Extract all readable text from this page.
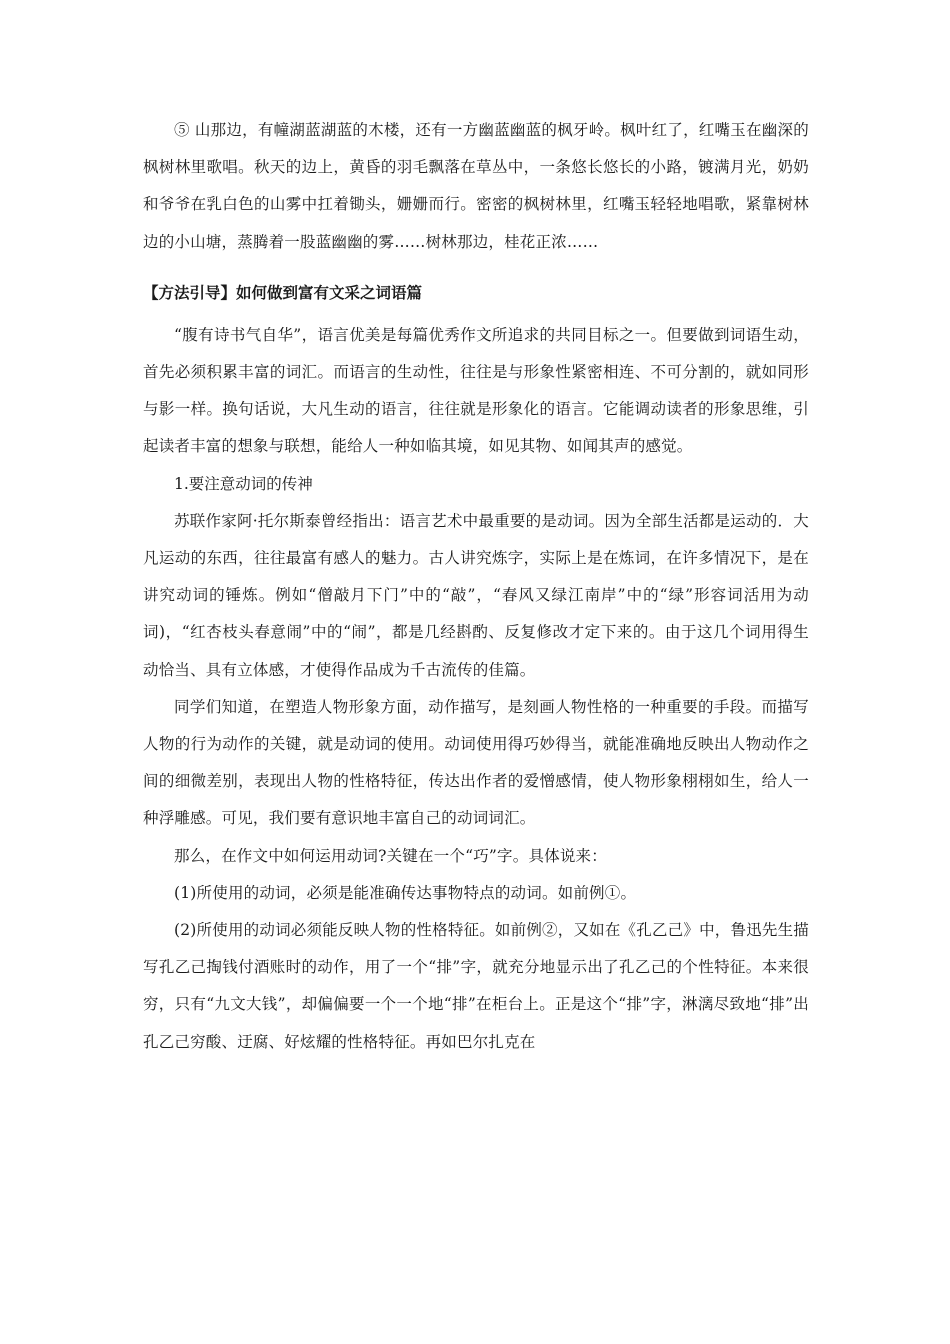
⑤ 山那边，有幢湖蓝湖蓝的木楼，还有一方幽蓝幽蓝的枫牙岭。枫叶红了，红嘴玉在幽深的枫树林里歌唱。秋天的边上，黄昏的羽毛飘落在草丛中，一条悠长悠长的小路，镀满月光，奶奶和爷爷在乳白色的山雾中扛着锄头，姗姗而行。密密的枫树林里，红嘴玉轻轻地唱歌，紧靠树林边的小山塘，蒸腾着一股蓝幽幽的雾……树林那边，桂花正浓……

【方法引导】如何做到富有文采之词语篇

“腹有诗书气自华”，语言优美是每篇优秀作文所追求的共同目标之一。但要做到词语生动，首先必须积累丰富的词汇。而语言的生动性，往往是与形象性紧密相连、不可分割的，就如同形与影一样。换句话说，大凡生动的语言，往往就是形象化的语言。它能调动读者的形象思维，引起读者丰富的想象与联想，能给人一种如临其境，如见其物、如闻其声的感觉。

1.要注意动词的传神

苏联作家阿·托尔斯泰曾经指出：语言艺术中最重要的是动词。因为全部生活都是运动的．大凡运动的东西，往往最富有感人的魅力。古人讲究炼字，实际上是在炼词，在许多情况下，是在讲究动词的锤炼。例如“僧敲月下门”中的“敲”，“春风又绿江南岸”中的“绿”形容词活用为动词)，“红杏枝头春意闹”中的“闹”，都是几经斟酌、反复修改才定下来的。由于这几个词用得生动恰当、具有立体感，才使得作品成为千古流传的佳篇。

同学们知道，在塑造人物形象方面，动作描写，是刻画人物性格的一种重要的手段。而描写人物的行为动作的关键，就是动词的使用。动词使用得巧妙得当，就能准确地反映出人物动作之间的细微差别，表现出人物的性格特征，传达出作者的爱憎感情，使人物形象栩栩如生，给人一种浮雕感。可见，我们要有意识地丰富自己的动词词汇。

那么，在作文中如何运用动词?关键在一个“巧”字。具体说来：

(1)所使用的动词，必须是能准确传达事物特点的动词。如前例①。

(2)所使用的动词必须能反映人物的性格特征。如前例②，又如在《孔乙己》中，鲁迅先生描写孔乙己掏钱付酒账时的动作，用了一个“排”字，就充分地显示出了孔乙己的个性特征。本来很穷，只有“九文大钱”，却偏偏要一个一个地“排”在柜台上。正是这个“排”字，淋漓尽致地“排”出孔乙己穷酸、迂腐、好炫耀的性格特征。再如巴尔扎克在
